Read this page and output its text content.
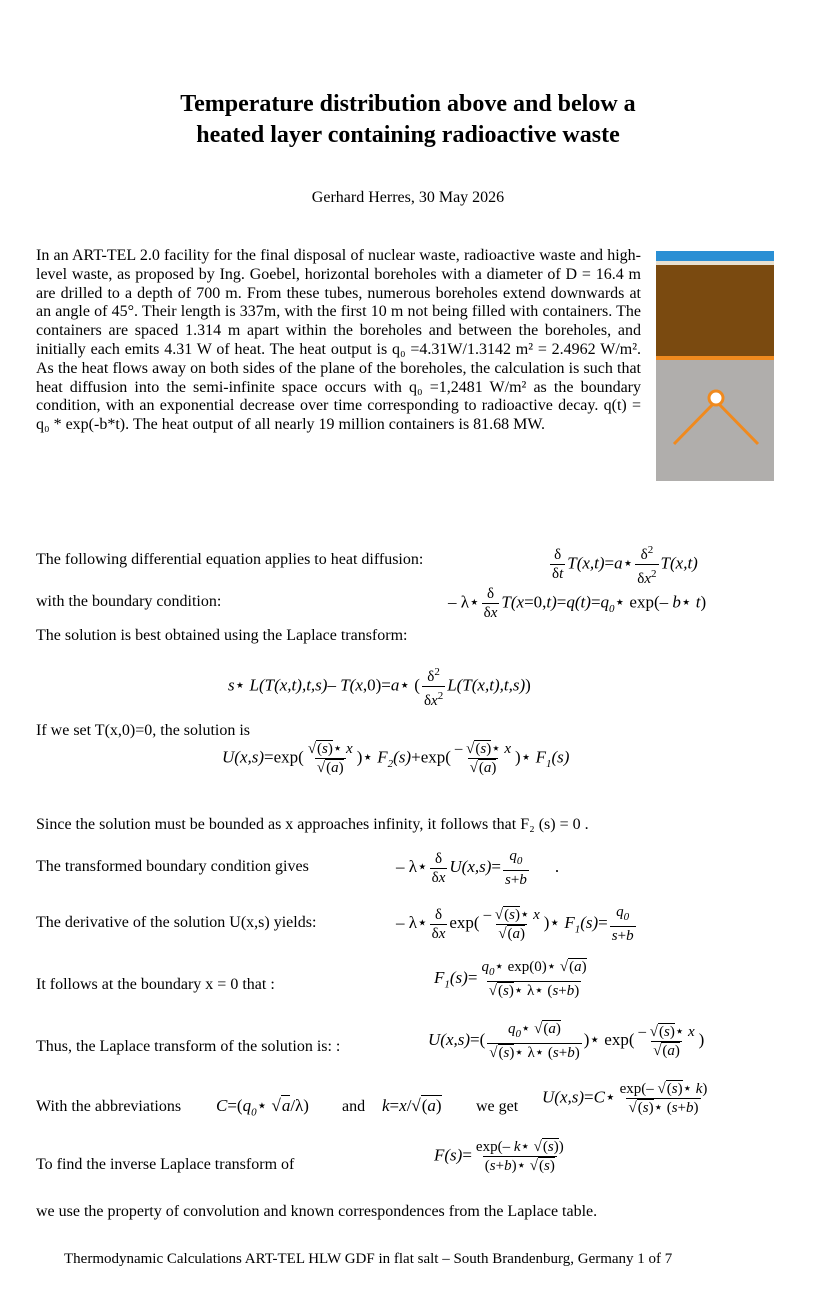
Temperature distribution above and below a
heated layer containing radioactive waste
Gerhard Herres, 30 May 2026
In an ART-TEL 2.0 facility for the final disposal of nuclear waste, radioactive waste and high-level waste, as proposed by Ing. Goebel, horizontal boreholes with a diameter of D = 16.4 m are drilled to a depth of 700 m. From these tubes, numerous boreholes extend downwards at an angle of 45°. Their length is 337m, with the first 10 m not being filled with containers. The containers are spaced 1.314 m apart within the boreholes and between the boreholes, and initially each emits 4.31 W of heat. The heat output is q₀ =4.31W/1.3142 m² = 2.4962 W/m². As the heat flows away on both sides of the plane of the boreholes, the calculation is such that heat diffusion into the semi-infinite space occurs with q₀ =1,2481 W/m² as the boundary condition, with an exponential decrease over time corresponding to radioactive decay. q(t) = q₀ * exp(-b*t). The heat output of all nearly 19 million containers is 81.68 MW.
The following differential equation applies to heat diffusion:	$\frac{\delta}{\delta t}$ T(x,t)=a⋆ $\frac{\delta^2}{\delta x^2} T(x,t)$
with the boundary condition:	– λ⋆ $\frac{\delta}{\delta x}$ $T(x=0,t)=q(t)=q_0⋆$ exp(– b⋆ t)
The solution is best obtained using the Laplace transform:
s⋆ L(T(x,t),t,s)– T(x,0)=a⋆ ( $\frac{\delta^2}{\delta x^2} L(T(x,t),t,s)$)
If we set T(x,0)=0, the solution is
$U(x,s)=\exp( \frac{√(s)⋆ x}{√(a)}$ )⋆ $F_2(s)+\exp( \frac{- √(s)⋆ x}{√(a)}$ )⋆ $F_1(s)$
Since the solution must be bounded as x approaches infinity, it follows that F₂ (s) = 0 .
The transformed boundary condition gives	– λ⋆ $\frac{\delta}{\delta x} U(x,s)= \frac{q_0}{s+b}$ .
The derivative of the solution U(x,s) yields:	– λ⋆ $\frac{\delta}{\delta x} \exp( \frac{- √(s)⋆ x}{√(a)}$ )⋆ $F_1(s)= \frac{q_0}{s+b}$
It follows at the boundary x = 0 that :	$F_1(s)= \frac{q_0⋆ \exp(0)⋆ √(a)}{√(s)⋆ \lambda⋆ (s+b)}$
Thus, the Laplace transform of the solution is: :	$U(x,s)=( \frac{q_0⋆ √(a)}{√(s)⋆ \lambda⋆ (s+b)}$ )⋆ $\exp( \frac{- √(s)⋆ x}{√(a)}$ )
With the abbreviations $C=(q_0⋆$ √a/λ) and k=x/√(a) we get
U(x,s)=C⋆ $\frac{\exp(- √(s)⋆ k)}{√(s)⋆ (s+b)}$
To find the inverse Laplace transform of
$F(s)= \frac{\exp(- k⋆ √(s))}{(s+b)⋆ √(s)}$
we use the property of convolution and known correspondences from the Laplace table.
Thermodynamic Calculations ART-TEL HLW GDF in flat salt – South Brandenburg, Germany 1 of 7
